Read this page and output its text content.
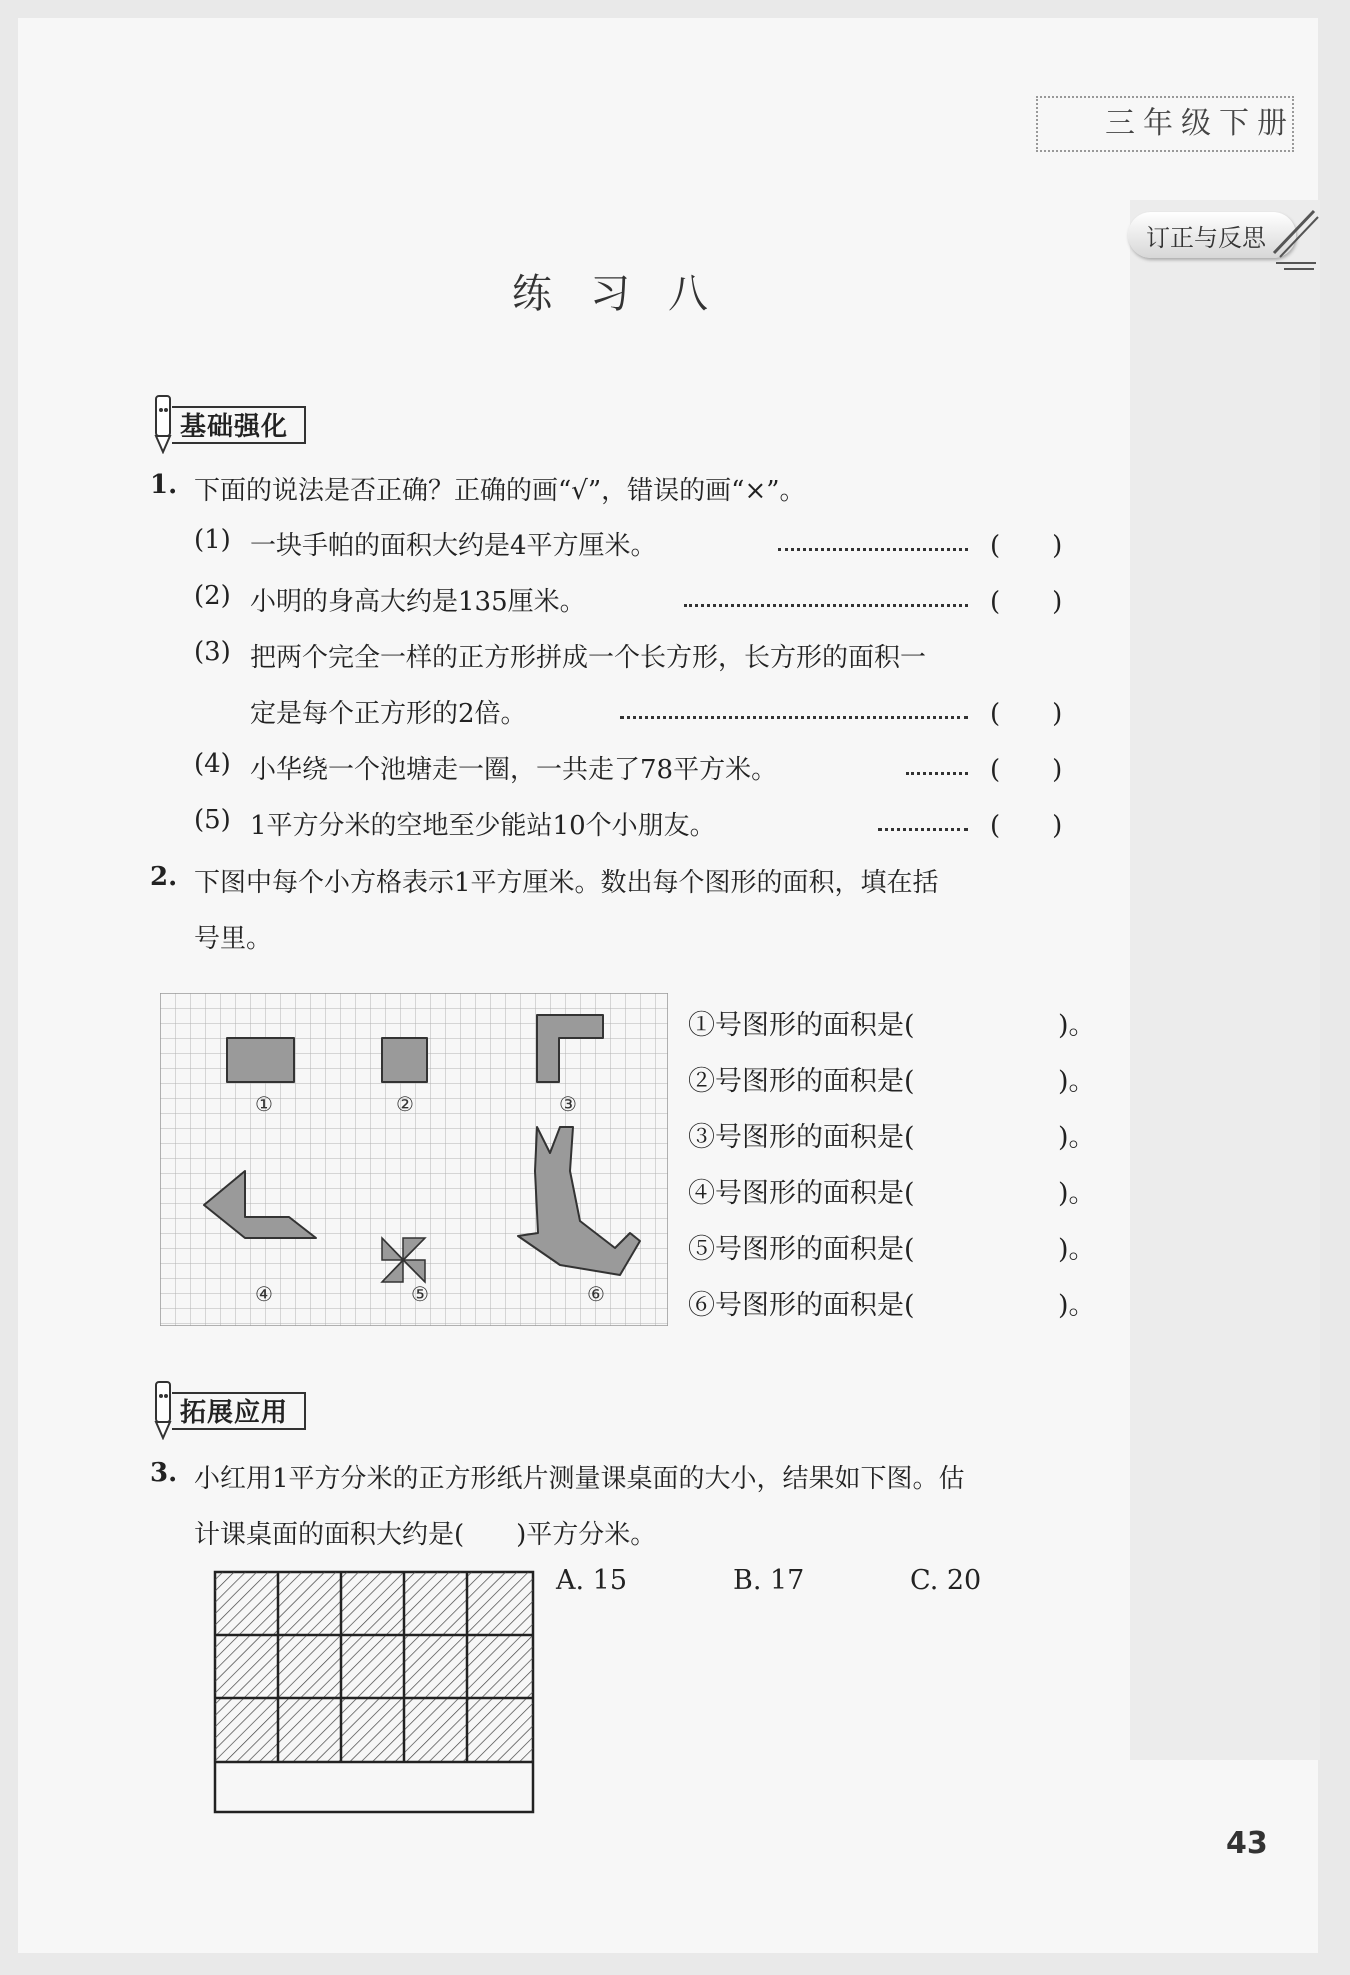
三年级下册
订正与反思
练习八
基础强化
1. 下面的说法是否正确？正确的画“√”，错误的画“×”。
(1) 一块手帕的面积大约是4平方厘米。	(　　)
(2) 小明的身高大约是135厘米。	(　　)
(3) 把两个完全一样的正方形拼成一个长方形，长方形的面积一
定是每个正方形的2倍。	(　　)
(4) 小华绕一个池塘走一圈，一共走了78平方米。	(　　)
(5) 1平方分米的空地至少能站10个小朋友。	(　　)
2. 下图中每个小方格表示1平方厘米。数出每个图形的面积，填在括
号里。
①	②	③
④	⑤	⑥
①号图形的面积是(	)。
②号图形的面积是(	)。
③号图形的面积是(	)。
④号图形的面积是(	)。
⑤号图形的面积是(	)。
⑥号图形的面积是(	)。
拓展应用
3. 小红用1平方分米的正方形纸片测量课桌面的大小，结果如下图。估
计课桌面的面积大约是(　　)平方分米。
A. 15	B. 17	C. 20
43
